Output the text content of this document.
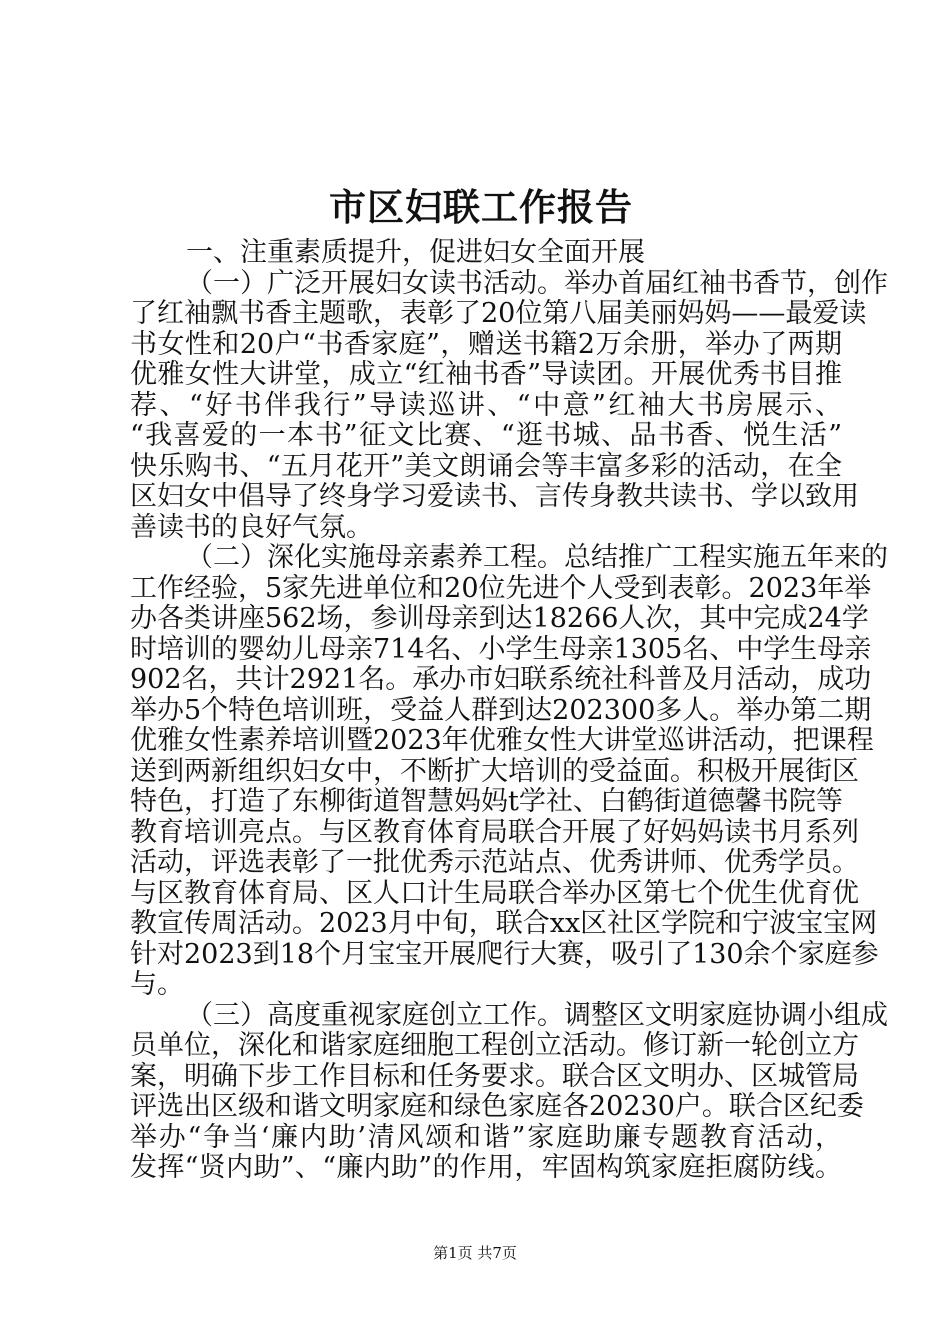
市区妇联工作报告
一、注重素质提升，促进妇女全面开展
（一）广泛开展妇女读书活动。举办首届红袖书香节，创作
了红袖飘书香主题歌，表彰了20位第八届美丽妈妈——最爱读
书女性和20户“书香家庭”，赠送书籍2万余册，举办了两期
优雅女性大讲堂，成立“红袖书香”导读团。开展优秀书目推
荐、“好书伴我行”导读巡讲、“中意”红袖大书房展示、
“我喜爱的一本书”征文比赛、“逛书城、品书香、悦生活”
快乐购书、“五月花开”美文朗诵会等丰富多彩的活动，在全
区妇女中倡导了终身学习爱读书、言传身教共读书、学以致用
善读书的良好气氛。
（二）深化实施母亲素养工程。总结推广工程实施五年来的
工作经验，5家先进单位和20位先进个人受到表彰。2023年举
办各类讲座562场，参训母亲到达18266人次，其中完成24学
时培训的婴幼儿母亲714名、小学生母亲1305名、中学生母亲
902名，共计2921名。承办市妇联系统社科普及月活动，成功
举办5个特色培训班，受益人群到达202300多人。举办第二期
优雅女性素养培训暨2023年优雅女性大讲堂巡讲活动，把课程
送到两新组织妇女中，不断扩大培训的受益面。积极开展街区
特色，打造了东柳街道智慧妈妈t学社、白鹤街道德馨书院等
教育培训亮点。与区教育体育局联合开展了好妈妈读书月系列
活动，评选表彰了一批优秀示范站点、优秀讲师、优秀学员。
与区教育体育局、区人口计生局联合举办区第七个优生优育优
教宣传周活动。2023月中旬，联合xx区社区学院和宁波宝宝网
针对2023到18个月宝宝开展爬行大赛，吸引了130余个家庭参
与。
（三）高度重视家庭创立工作。调整区文明家庭协调小组成
员单位，深化和谐家庭细胞工程创立活动。修订新一轮创立方
案，明确下步工作目标和任务要求。联合区文明办、区城管局
评选出区级和谐文明家庭和绿色家庭各20230户。联合区纪委
举办“争当‘廉内助’清风颂和谐”家庭助廉专题教育活动，
发挥“贤内助”、“廉内助”的作用，牢固构筑家庭拒腐防线。
第1页 共7页
